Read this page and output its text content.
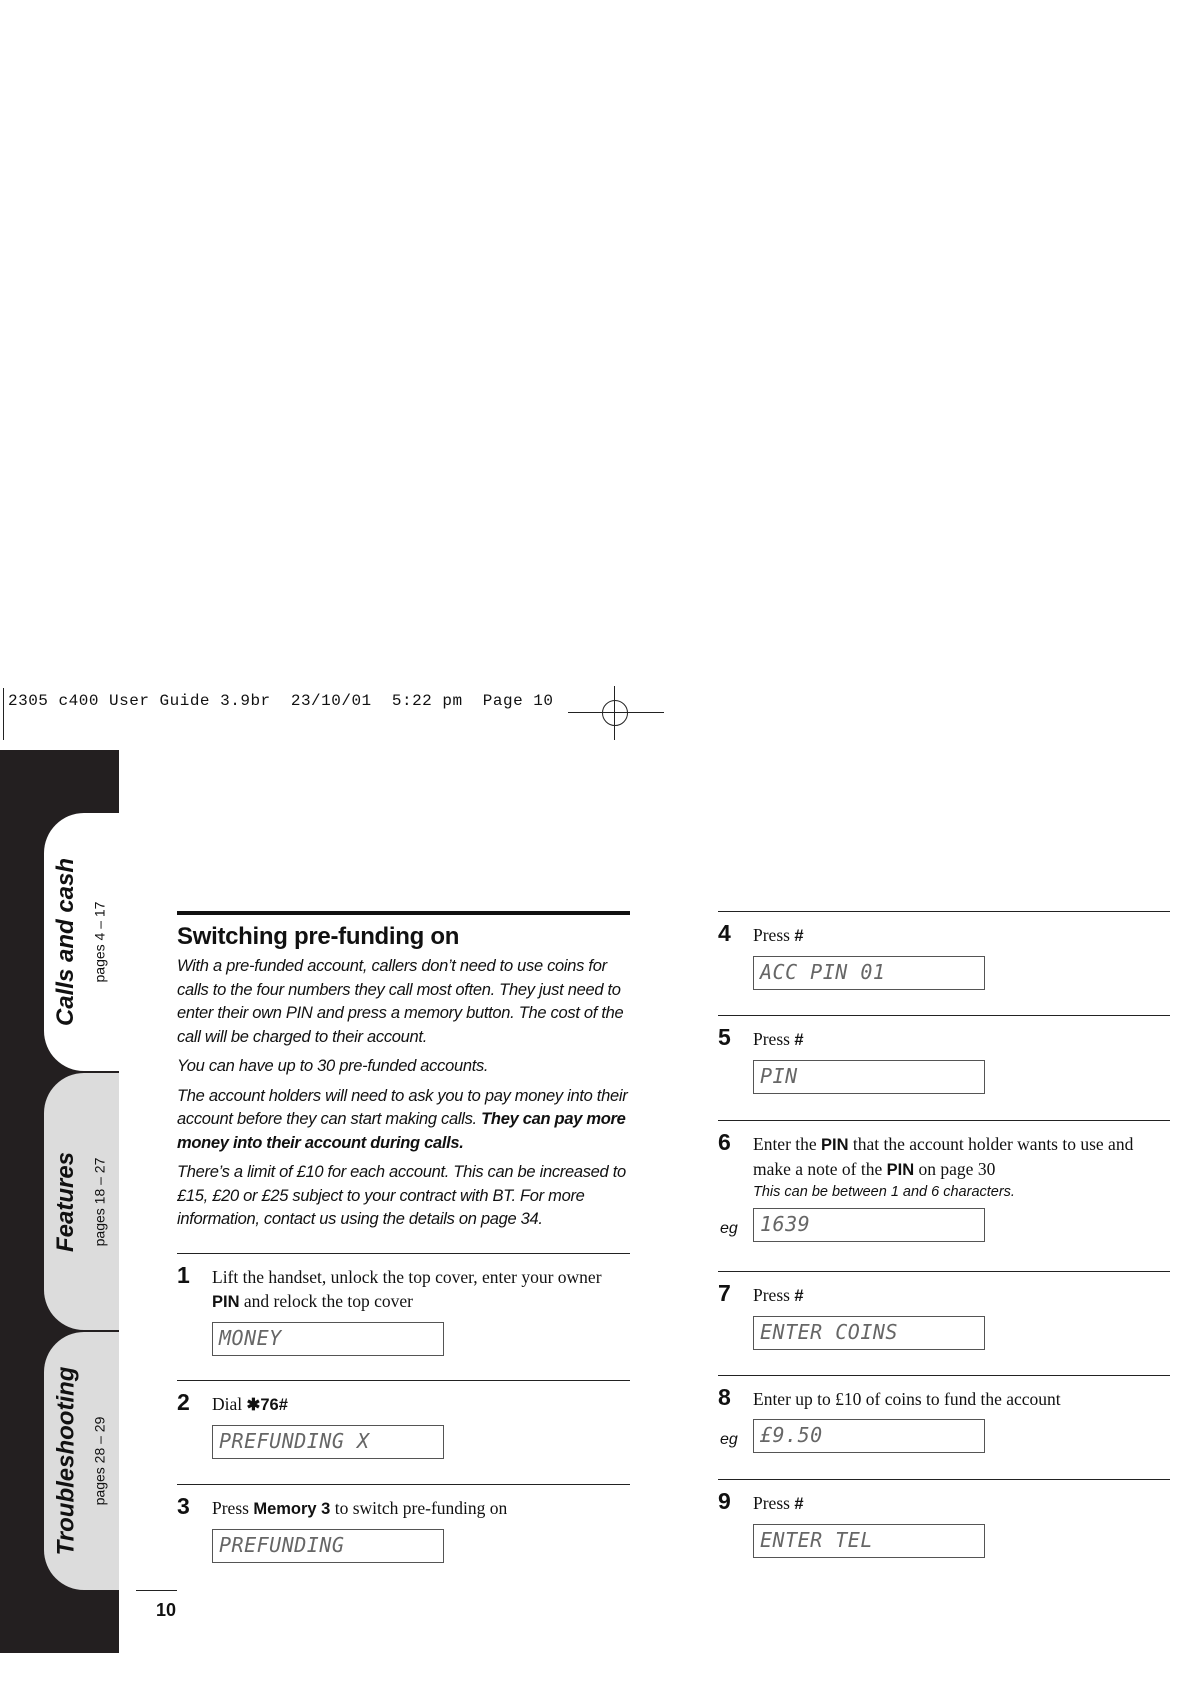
2305 c400 User Guide 3.9br  23/10/01  5:22 pm  Page 10
Calls and cash pages 4 – 17
Features pages 18 – 27
Troubleshooting pages 28 – 29
10
Switching pre-funding on

With a pre-funded account, callers don’t need to use coins for calls to the four numbers they call most often. They just need to enter their own PIN and press a memory button. The cost of the call will be charged to their account.

You can have up to 30 pre-funded accounts.

The account holders will need to ask you to pay money into their account before they can start making calls. They can pay more money into their account during calls.

There’s a limit of £10 for each account. This can be increased to £15, £20 or £25 subject to your contract with BT. For more information, contact us using the details on page 34.

1 Lift the handset, unlock the top cover, enter your owner PIN and relock the top cover
MONEY
2 Dial ✱76#
PREFUNDING X
3 Press Memory 3 to switch pre-funding on
PREFUNDING
4 Press #
ACC PIN 01
5 Press #
PIN
6 Enter the PIN that the account holder wants to use and make a note of the PIN on page 30
This can be between 1 and 6 characters.
eg	1639
7 Press #
ENTER COINS
8 Enter up to £10 of coins to fund the account
eg	£9.50
9 Press #
ENTER TEL
